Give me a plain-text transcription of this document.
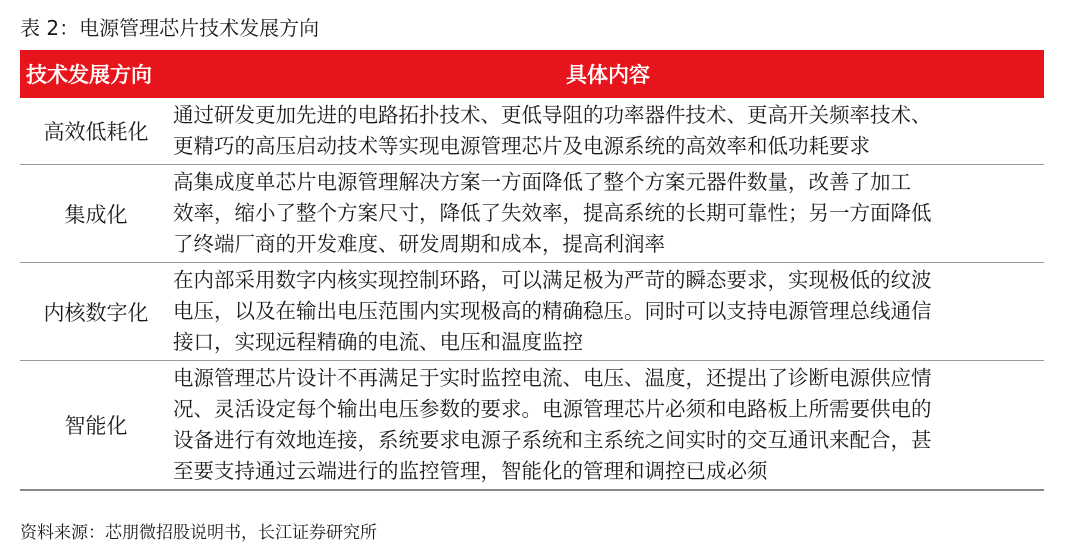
表 2：电源管理芯片技术发展方向
技术发展方向	具体内容
高效低耗化
通过研发更加先进的电路拓扑技术、更低导阻的功率器件技术、更高开关频率技术、
更精巧的高压启动技术等实现电源管理芯片及电源系统的高效率和低功耗要求
集成化
高集成度单芯片电源管理解决方案一方面降低了整个方案元器件数量，改善了加工
效率，缩小了整个方案尺寸，降低了失效率，提高系统的长期可靠性；另一方面降低
了终端厂商的开发难度、研发周期和成本，提高利润率
内核数字化
在内部采用数字内核实现控制环路，可以满足极为严苛的瞬态要求，实现极低的纹波
电压，以及在输出电压范围内实现极高的精确稳压。同时可以支持电源管理总线通信
接口，实现远程精确的电流、电压和温度监控
智能化
电源管理芯片设计不再满足于实时监控电流、电压、温度，还提出了诊断电源供应情
况、灵活设定每个输出电压参数的要求。电源管理芯片必须和电路板上所需要供电的
设备进行有效地连接，系统要求电源子系统和主系统之间实时的交互通讯来配合，甚
至要支持通过云端进行的监控管理，智能化的管理和调控已成必须
资料来源：芯朋微招股说明书，长江证券研究所
